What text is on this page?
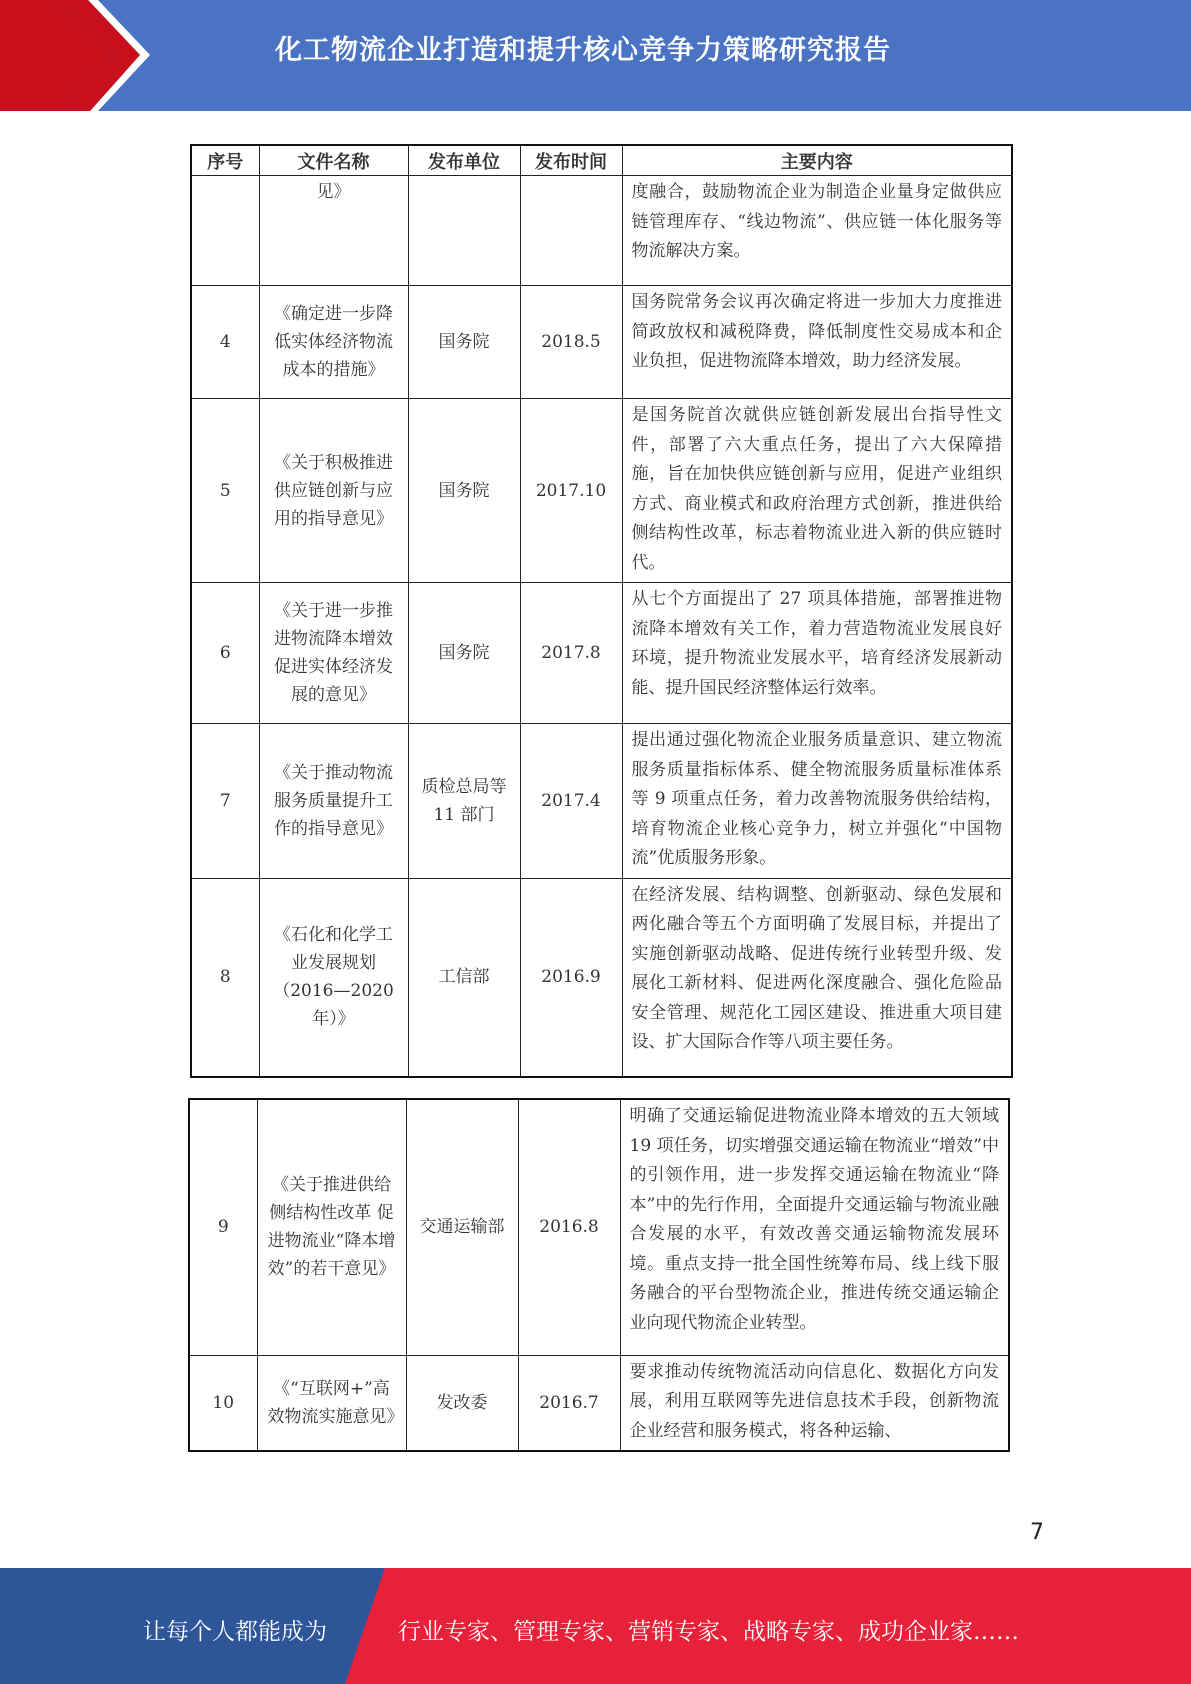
化工物流企业打造和提升核心竞争力策略研究报告
序号	文件名称	发布单位	发布时间	主要内容
	见》			度融合，鼓励物流企业为制造企业量身定做供应链管理库存、“线边物流”、供应链一体化服务等物流解决方案。
4	《确定进一步降低实体经济物流成本的措施》	国务院	2018.5	国务院常务会议再次确定将进一步加大力度推进简政放权和减税降费，降低制度性交易成本和企业负担，促进物流降本增效，助力经济发展。
5	《关于积极推进供应链创新与应用的指导意见》	国务院	2017.10	是国务院首次就供应链创新发展出台指导性文件，部署了六大重点任务，提出了六大保障措施，旨在加快供应链创新与应用，促进产业组织方式、商业模式和政府治理方式创新，推进供给侧结构性改革，标志着物流业进入新的供应链时代。
6	《关于进一步推进物流降本增效促进实体经济发展的意见》	国务院	2017.8	从七个方面提出了 27 项具体措施，部署推进物流降本增效有关工作，着力营造物流业发展良好环境，提升物流业发展水平，培育经济发展新动能、提升国民经济整体运行效率。
7	《关于推动物流服务质量提升工作的指导意见》	质检总局等 11 部门	2017.4	提出通过强化物流企业服务质量意识、建立物流服务质量指标体系、健全物流服务质量标准体系等 9 项重点任务，着力改善物流服务供给结构，培育物流企业核心竞争力，树立并强化“中国物流”优质服务形象。
8	《石化和化学工业发展规划（2016—2020年）》	工信部	2016.9	在经济发展、结构调整、创新驱动、绿色发展和两化融合等五个方面明确了发展目标，并提出了实施创新驱动战略、促进传统行业转型升级、发展化工新材料、促进两化深度融合、强化危险品安全管理、规范化工园区建设、推进重大项目建设、扩大国际合作等八项主要任务。
9	《关于推进供给侧结构性改革 促进物流业“降本增效”的若干意见》	交通运输部	2016.8	明确了交通运输促进物流业降本增效的五大领域 19 项任务，切实增强交通运输在物流业“增效”中的引领作用，进一步发挥交通运输在物流业“降本”中的先行作用，全面提升交通运输与物流业融合发展的水平，有效改善交通运输物流发展环境。重点支持一批全国性统筹布局、线上线下服务融合的平台型物流企业，推进传统交通运输企业向现代物流企业转型。
10	《“互联网+”高效物流实施意见》	发改委	2016.7	要求推动传统物流活动向信息化、数据化方向发展，利用互联网等先进信息技术手段，创新物流企业经营和服务模式，将各种运输、
7
让每个人都能成为	行业专家、管理专家、营销专家、战略专家、成功企业家……
